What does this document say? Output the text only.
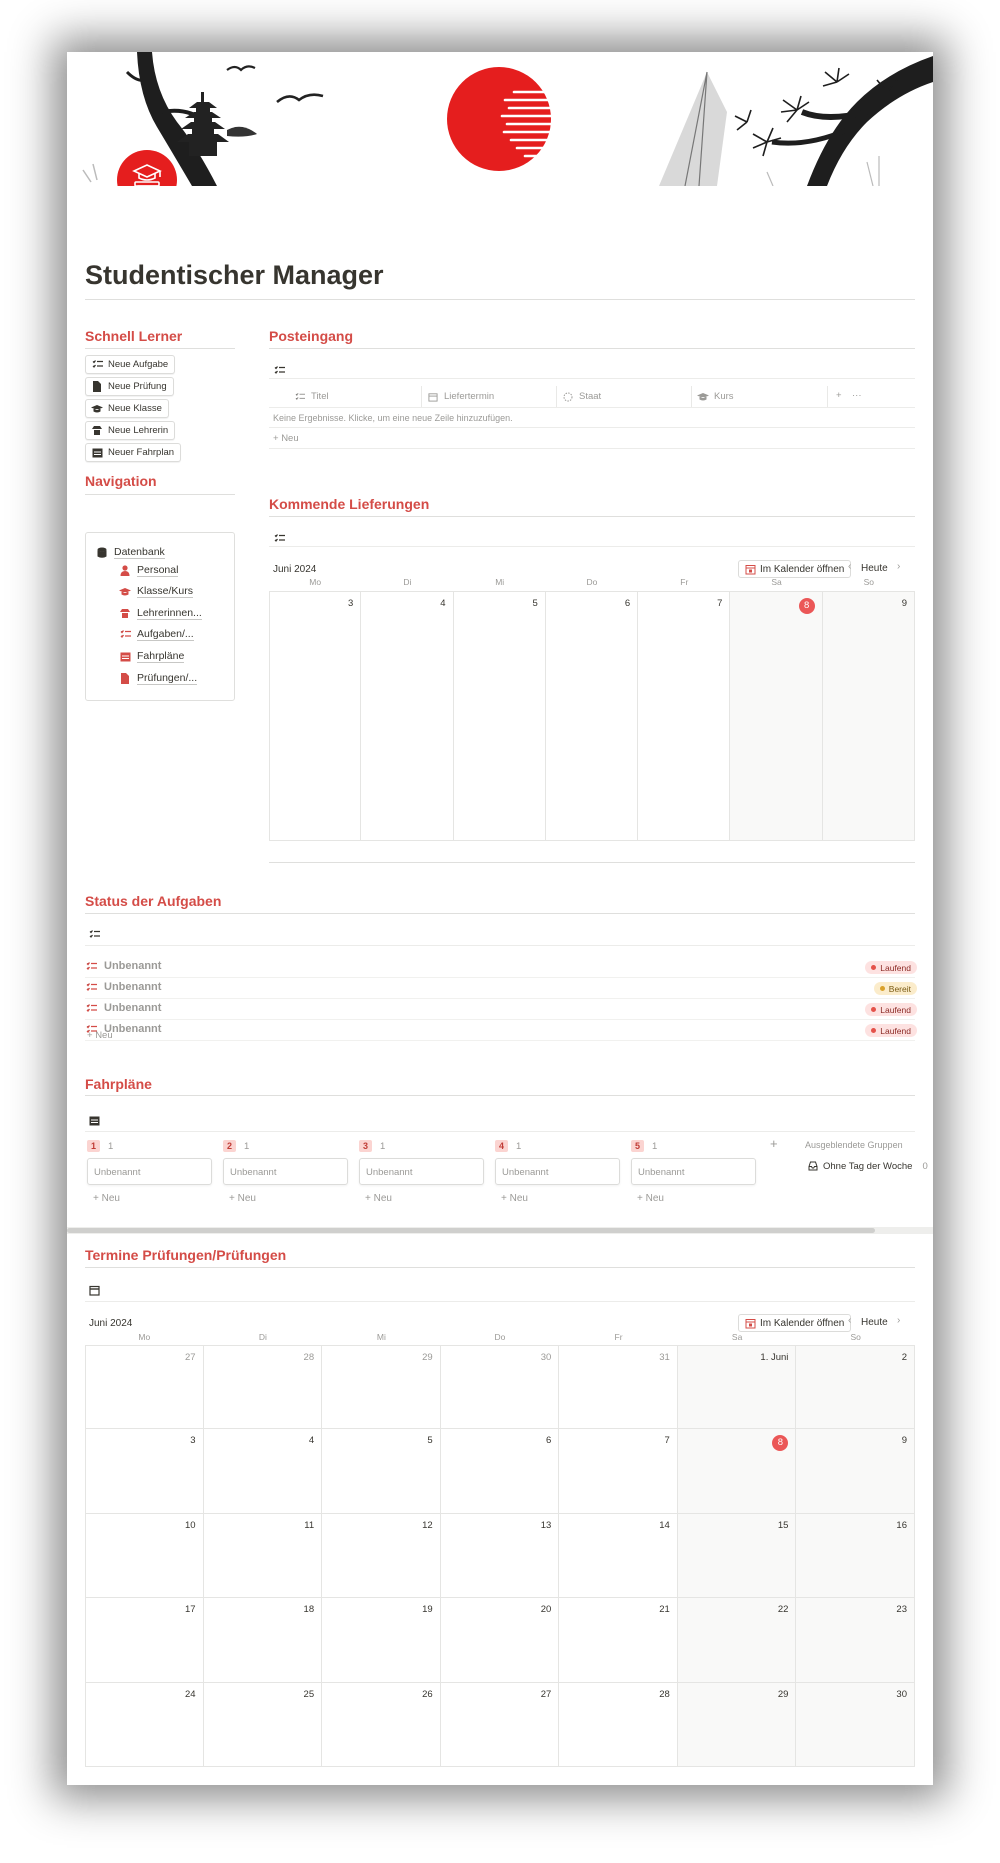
Studentischer Manager
Schnell Lerner
Neue Aufgabe
Neue Prüfung
Neue Klasse
Neue Lehrerin
Neuer Fahrplan
Navigation
Datenbank
Personal
Klasse/Kurs
Lehrerinnen...
Aufgaben/...
Fahrpläne
Prüfungen/...
Posteingang
Titel	Liefertermin	Staat	Kurs	+ ···
Keine Ergebnisse. Klicke, um eine neue Zeile hinzuzufügen.
+ Neu
Kommende Lieferungen
Juni 2024	Im Kalender öffnen ‹ Heute ›
Mo	Di	Mi	Do	Fr	Sa	So
3	4	5	6	7	8	9
Status der Aufgaben
Unbenannt	Laufend
Unbenannt	Bereit
Unbenannt	Laufend
Unbenannt	Laufend
+ Neu
Fahrpläne
1	1
Unbenannt
+ Neu
2	1
Unbenannt
+ Neu
3	1
Unbenannt
+ Neu
4	1
Unbenannt
+ Neu
5	1
Unbenannt
+ Neu
+	Ausgeblendete Gruppen
Ohne Tag der Woche 0
Termine Prüfungen/Prüfungen
Juni 2024	Im Kalender öffnen ‹ Heute ›
Mo	Di	Mi	Do	Fr	Sa	So
27	28	29	30	31	1. Juni	2
3	4	5	6	7	8	9
10	11	12	13	14	15	16
17	18	19	20	21	22	23
24	25	26	27	28	29	30
